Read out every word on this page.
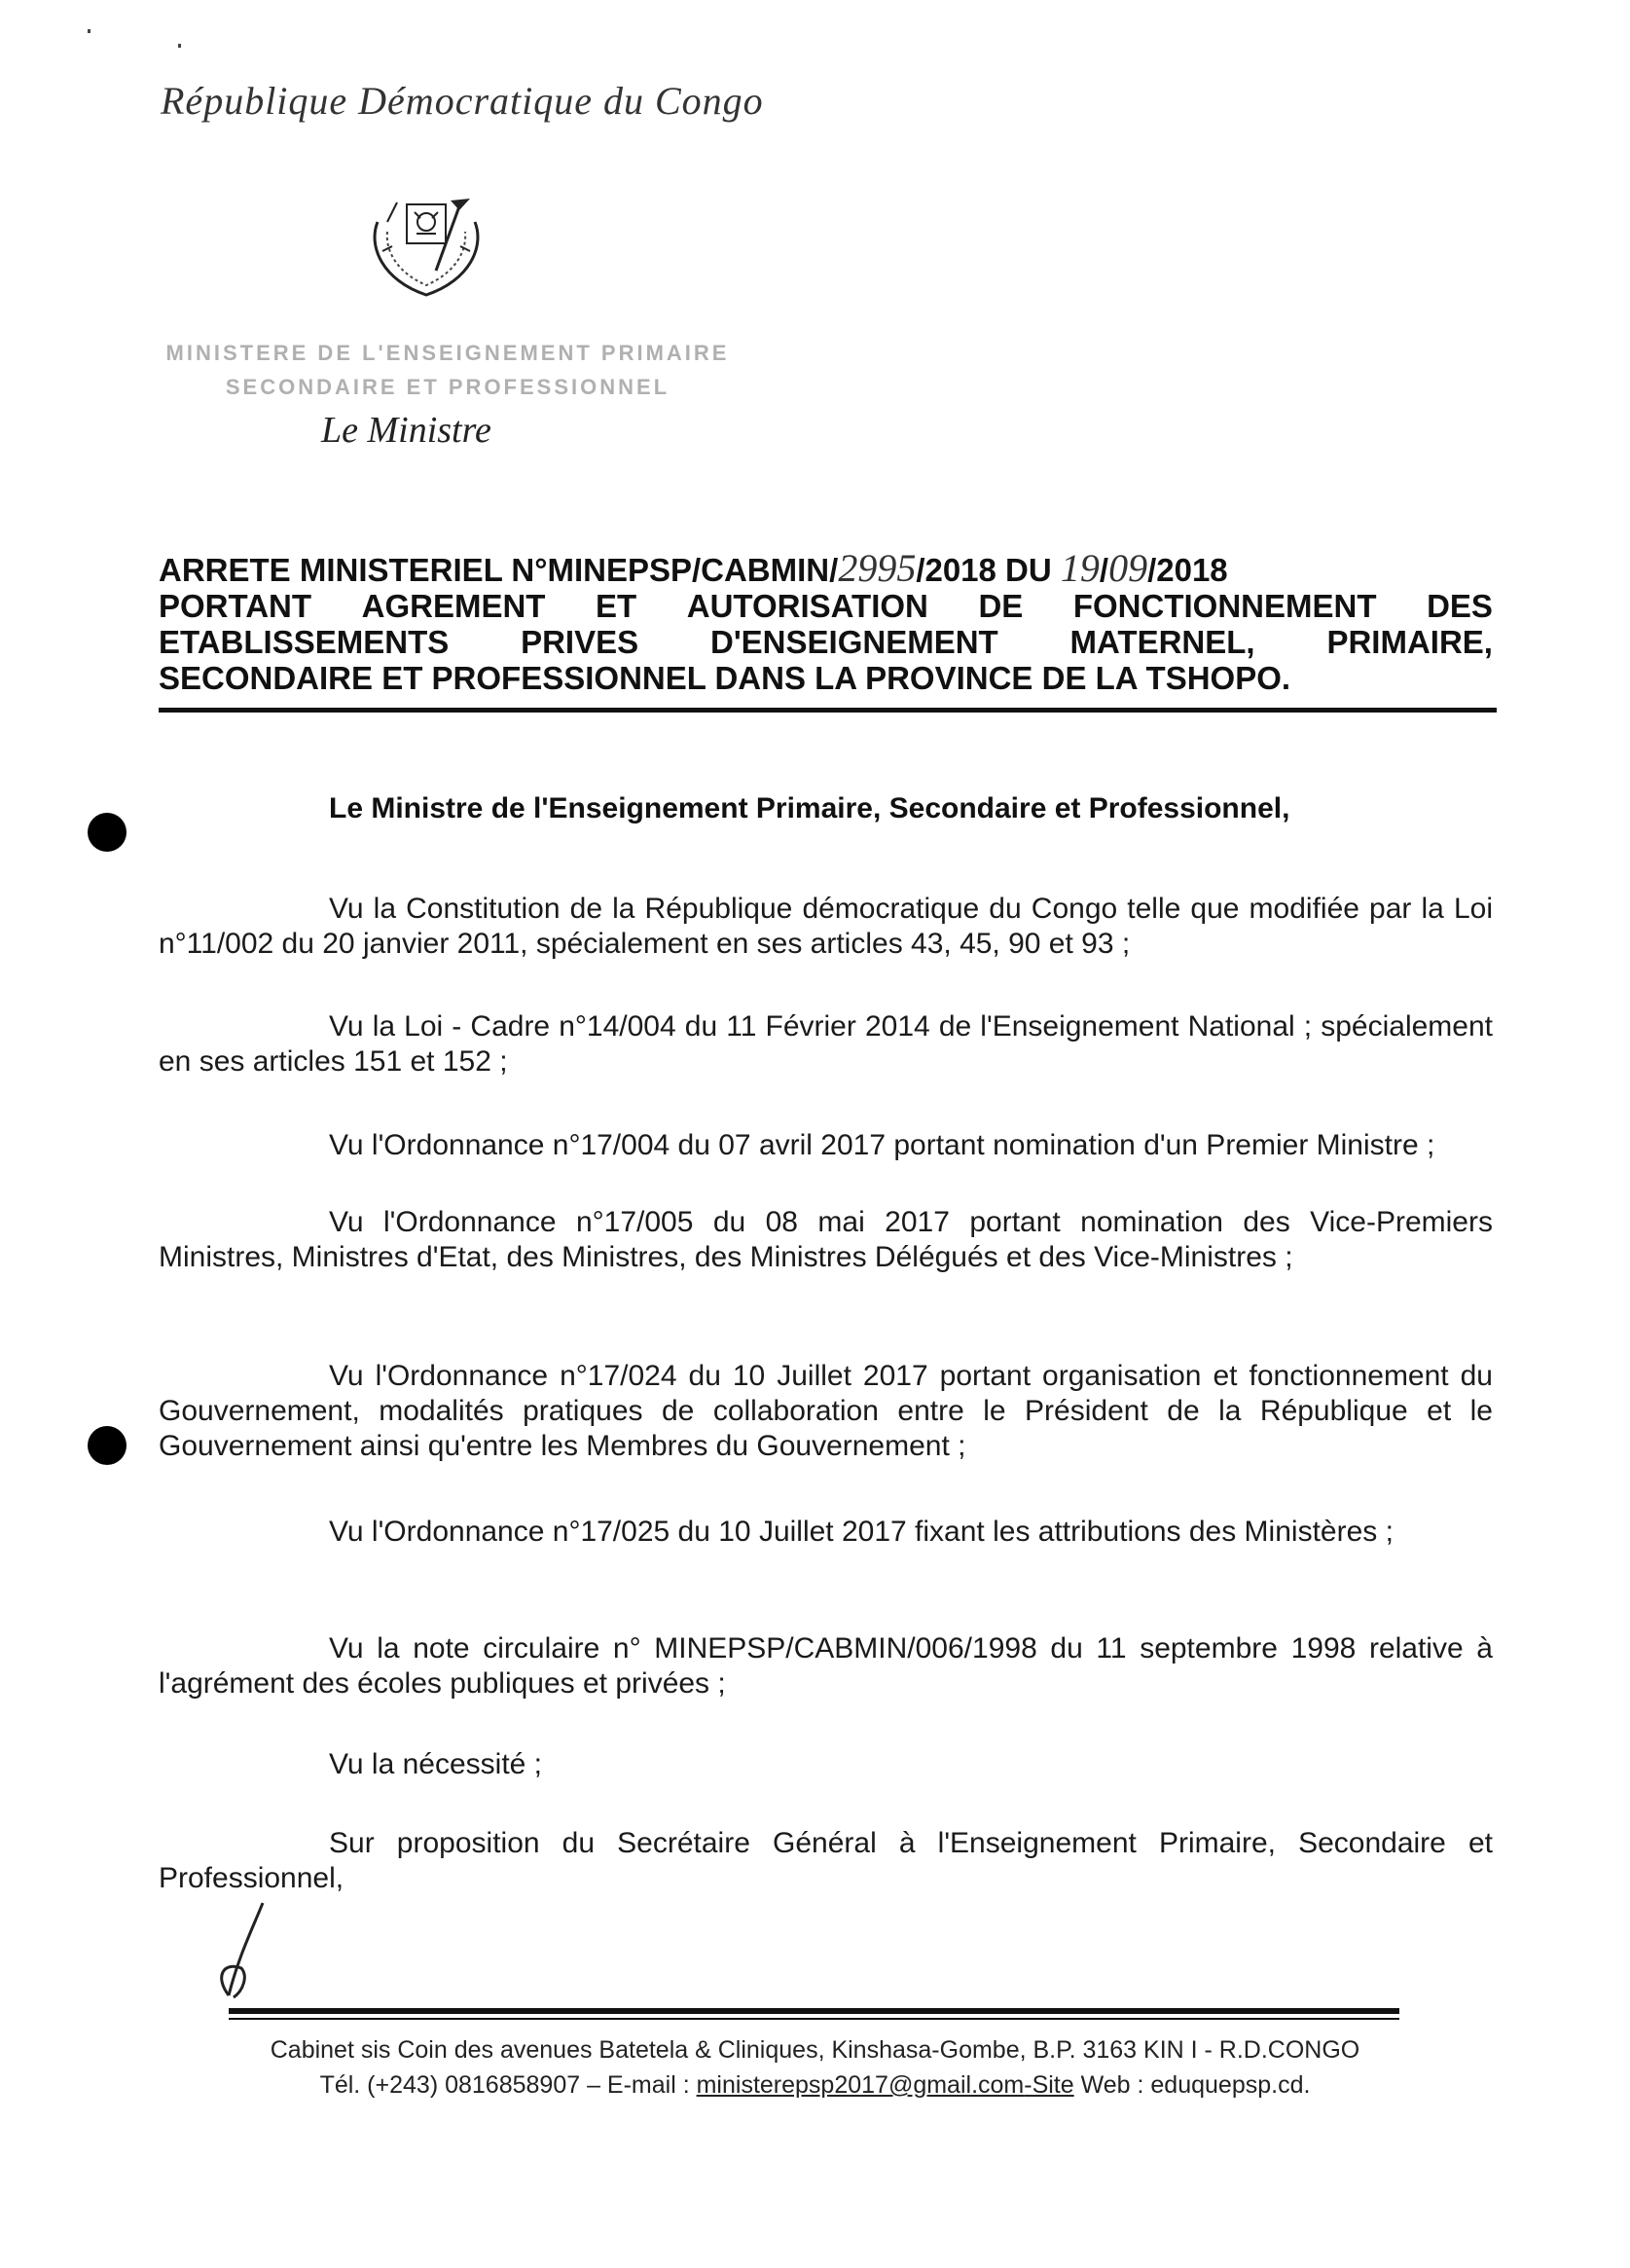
République Démocratique du Congo
MINISTERE DE L'ENSEIGNEMENT PRIMAIRE
SECONDAIRE ET PROFESSIONNEL
Le Ministre
ARRETE MINISTERIEL N°MINEPSP/CABMIN/2995/2018 DU 19/09/2018
PORTANT AGREMENT ET AUTORISATION DE FONCTIONNEMENT DES
ETABLISSEMENTS PRIVES D'ENSEIGNEMENT MATERNEL, PRIMAIRE,
SECONDAIRE ET PROFESSIONNEL DANS LA PROVINCE DE LA TSHOPO.
Le Ministre de l'Enseignement Primaire, Secondaire et Professionnel,
Vu la Constitution de la République démocratique du Congo telle que modifiée par la Loi n°11/002 du 20 janvier 2011, spécialement en ses articles 43, 45, 90 et 93 ;
Vu la Loi - Cadre n°14/004 du 11 Février 2014 de l'Enseignement National ; spécialement en ses articles 151 et 152 ;
Vu l'Ordonnance n°17/004 du 07 avril 2017 portant nomination d'un Premier Ministre ;
Vu l'Ordonnance n°17/005 du 08 mai 2017 portant nomination des Vice-Premiers Ministres, Ministres d'Etat, des Ministres, des Ministres Délégués et des Vice-Ministres ;
Vu l'Ordonnance n°17/024 du 10 Juillet 2017 portant organisation et fonctionnement du Gouvernement, modalités pratiques de collaboration entre le Président de la République et le Gouvernement ainsi qu'entre les Membres du Gouvernement ;
Vu l'Ordonnance n°17/025 du 10 Juillet 2017 fixant les attributions des Ministères ;
Vu la note circulaire n° MINEPSP/CABMIN/006/1998 du 11 septembre 1998 relative à l'agrément des écoles publiques et privées ;
Vu la nécessité ;
Sur proposition du Secrétaire Général à l'Enseignement Primaire, Secondaire et Professionnel,
Cabinet sis Coin des avenues Batetela & Cliniques, Kinshasa-Gombe, B.P. 3163 KIN I - R.D.CONGO
Tél. (+243) 0816858907 – E-mail : ministerepsp2017@gmail.com-Site Web : eduquepsp.cd.
